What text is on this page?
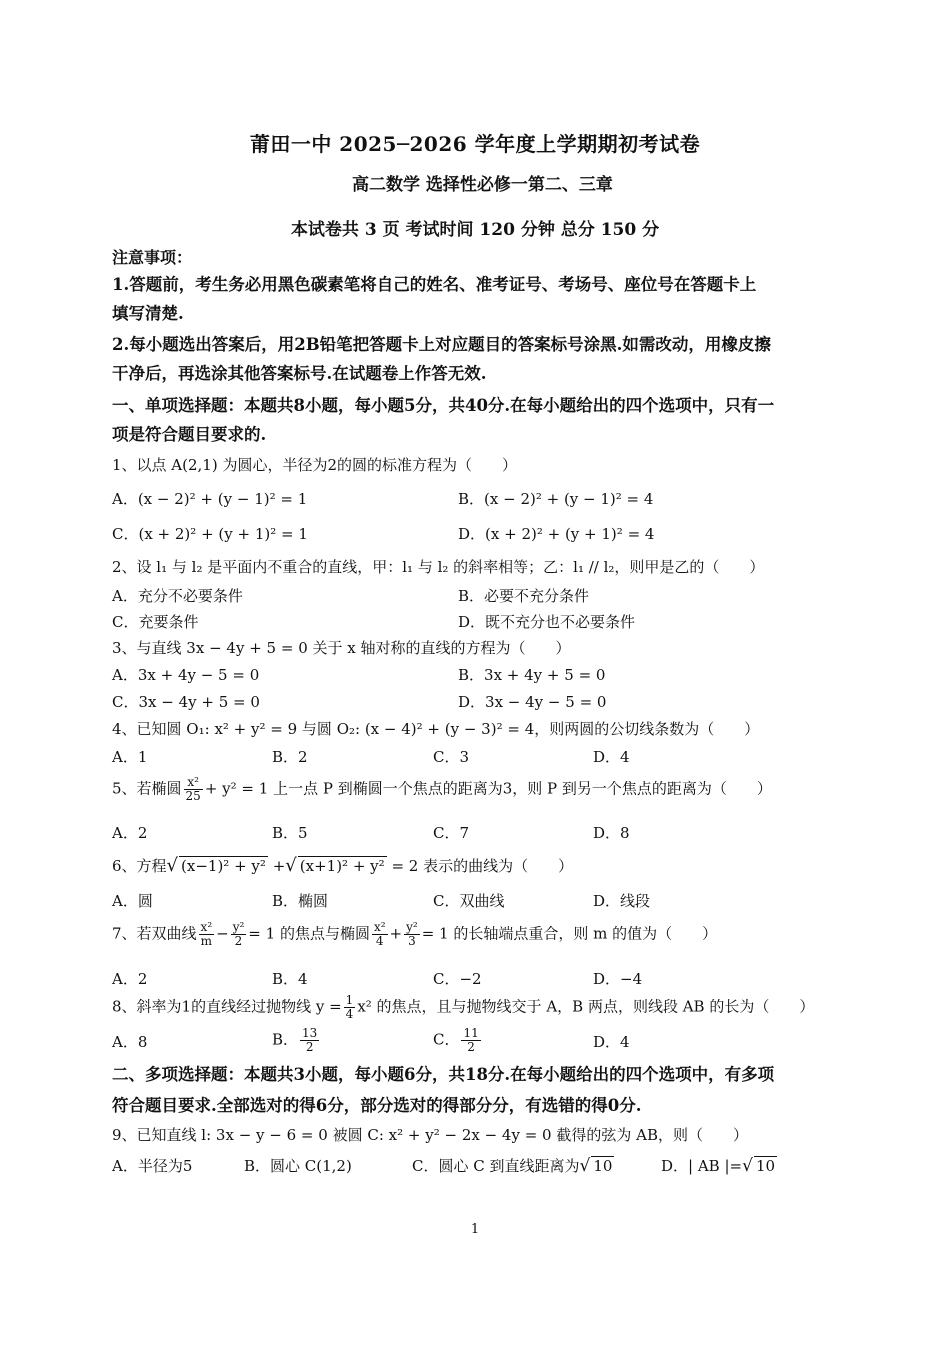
莆田一中 2025─2026 学年度上学期期初考试卷
高二数学 选择性必修一第二、三章
本试卷共 3 页 考试时间 120 分钟 总分 150 分
注意事项：
1.答题前，考生务必用黑色碳素笔将自己的姓名、准考证号、考场号、座位号在答题卡上
填写清楚.
2.每小题选出答案后，用2B铅笔把答题卡上对应题目的答案标号涂黑.如需改动，用橡皮擦
干净后，再选涂其他答案标号.在试题卷上作答无效.
一、单项选择题：本题共8小题，每小题5分，共40分.在每小题给出的四个选项中，只有一
项是符合题目要求的.
1、以点 A(2,1) 为圆心，半径为2的圆的标准方程为（　　）
A．(x − 2)² + (y − 1)² = 1	B．(x − 2)² + (y − 1)² = 4
C．(x + 2)² + (y + 1)² = 1	D．(x + 2)² + (y + 1)² = 4
2、设 l₁ 与 l₂ 是平面内不重合的直线，甲：l₁ 与 l₂ 的斜率相等；乙：l₁ // l₂，则甲是乙的（　　）
A．充分不必要条件	B．必要不充分条件
C．充要条件	D．既不充分也不必要条件
3、与直线 3x − 4y + 5 = 0 关于 x 轴对称的直线的方程为（　　）
A．3x + 4y − 5 = 0	B．3x + 4y + 5 = 0
C．3x − 4y + 5 = 0	D．3x − 4y − 5 = 0
4、已知圆 O₁: x² + y² = 9 与圆 O₂: (x − 4)² + (y − 3)² = 4，则两圆的公切线条数为（　　）
A．1	B．2	C．3	D．4
5、若椭圆 $\frac{\text{x²}}{25} + y^2 = 1$ 上一点 P 到椭圆一个焦点的距离为3，则 P 到另一个焦点的距离为（　　）
A．2	B．5	C．7	D．8
6、方程√ (x−1)² + y² +√ (x+1)² + y² = 2 表示的曲线为（　　）
A．圆	B．椭圆	C．双曲线	D．线段
7、若双曲线 $\frac{\text{x²}}{m} - \frac{\text{y²}}{2} = 1$ 的焦点与椭圆 $\frac{\text{x²}}{4} + \frac{\text{y²}}{3} = 1$ 的长轴端点重合，则 m 的值为（　　）
A．2	B．4	C．−2	D．−4
8、斜率为1的直线经过抛物线 $y = \frac{1}{4} x^2$ 的焦点，且与抛物线交于 A，B 两点，则线段 AB 的长为（　　）
A．8	B． $\frac{13}{2}$	C． $\frac{11}{2}$	D．4
二、多项选择题：本题共3小题，每小题6分，共18分.在每小题给出的四个选项中，有多项
符合题目要求.全部选对的得6分，部分选对的得部分分，有选错的得0分.
9、已知直线 l: 3x − y − 6 = 0 被圆 C: x² + y² − 2x − 4y = 0 截得的弦为 AB，则（　　）
A．半径为5	B．圆心 C(1,2)	C．圆心 C 到直线距离为√ 10	D．| AB |=√ 10
1
